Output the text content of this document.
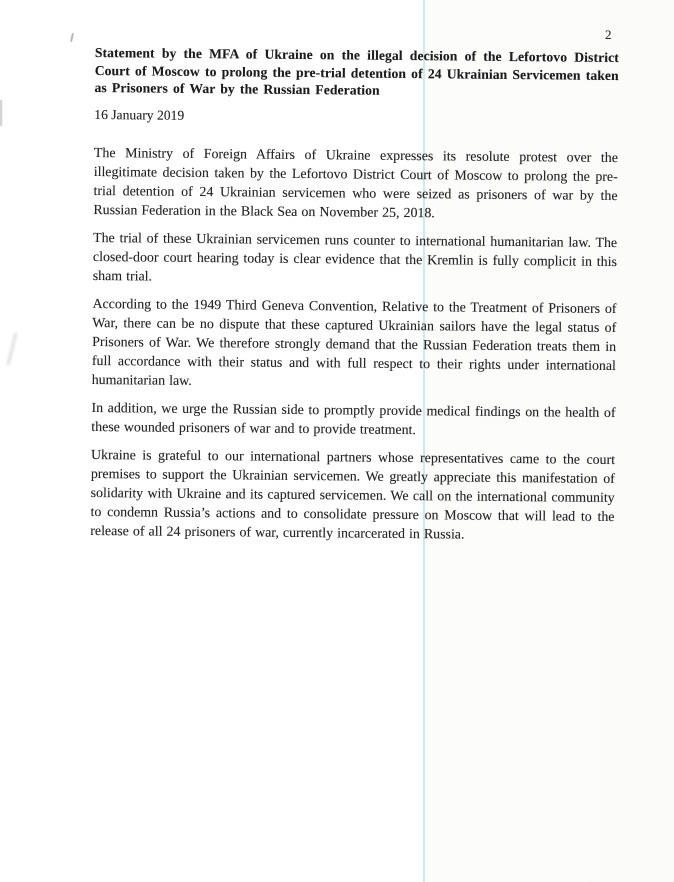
2
Statement by the MFA of Ukraine on the illegal decision of the Lefortovo District Court of Moscow to prolong the pre-trial detention of 24 Ukrainian Servicemen taken as Prisoners of War by the Russian Federation
16 January 2019

The Ministry of Foreign Affairs of Ukraine expresses its resolute protest over the illegitimate decision taken by the Lefortovo District Court of Moscow to prolong the pre-trial detention of 24 Ukrainian servicemen who were seized as prisoners of war by the Russian Federation in the Black Sea on November 25, 2018.

The trial of these Ukrainian servicemen runs counter to international humanitarian law. The closed-door court hearing today is clear evidence that the Kremlin is fully complicit in this sham trial.

According to the 1949 Third Geneva Convention, Relative to the Treatment of Prisoners of War, there can be no dispute that these captured Ukrainian sailors have the legal status of Prisoners of War. We therefore strongly demand that the Russian Federation treats them in full accordance with their status and with full respect to their rights under international humanitarian law.

In addition, we urge the Russian side to promptly provide medical findings on the health of these wounded prisoners of war and to provide treatment.

Ukraine is grateful to our international partners whose representatives came to the court premises to support the Ukrainian servicemen. We greatly appreciate this manifestation of solidarity with Ukraine and its captured servicemen. We call on the international community to condemn Russia’s actions and to consolidate pressure on Moscow that will lead to the release of all 24 prisoners of war, currently incarcerated in Russia.
